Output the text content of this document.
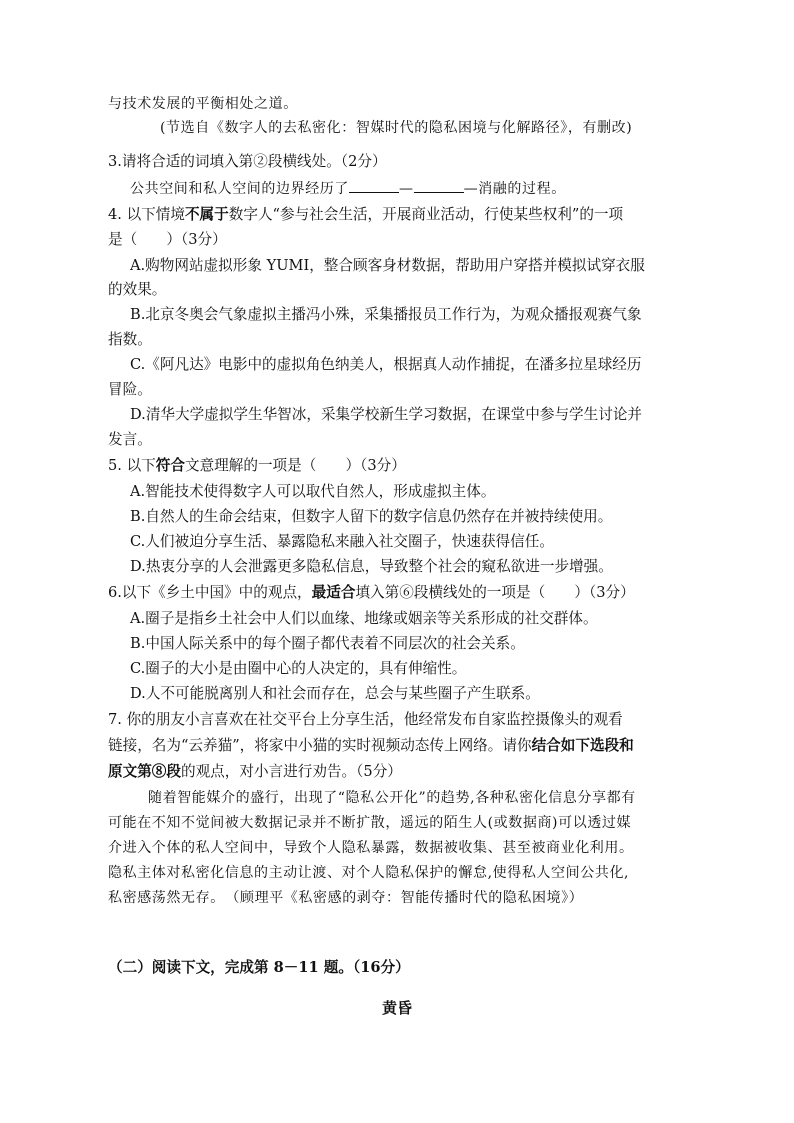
与技术发展的平衡相处之道。
(节选自《数字人的去私密化：智媒时代的隐私困境与化解路径》，有删改)
3.请将合适的词填入第②段横线处。（2分）
公共空间和私人空间的边界经历了	—	—消融的过程。
4. 以下情境不属于数字人“参与社会生活，开展商业活动，行使某些权利”的一项
是（　　）（3分）
A.购物网站虚拟形象 YUMI，整合顾客身材数据，帮助用户穿搭并模拟试穿衣服
的效果。
B.北京冬奥会气象虚拟主播冯小殊，采集播报员工作行为，为观众播报观赛气象
指数。
C.《阿凡达》电影中的虚拟角色纳美人，根据真人动作捕捉，在潘多拉星球经历
冒险。
D.清华大学虚拟学生华智冰，采集学校新生学习数据，在课堂中参与学生讨论并
发言。
5. 以下符合文意理解的一项是（　　）（3分）
A.智能技术使得数字人可以取代自然人，形成虚拟主体。
B.自然人的生命会结束，但数字人留下的数字信息仍然存在并被持续使用。
C.人们被迫分享生活、暴露隐私来融入社交圈子，快速获得信任。
D.热衷分享的人会泄露更多隐私信息，导致整个社会的窥私欲进一步增强。
6.以下《乡土中国》中的观点，最适合填入第⑥段横线处的一项是（　　）（3分）
A.圈子是指乡土社会中人们以血缘、地缘或姻亲等关系形成的社交群体。
B.中国人际关系中的每个圈子都代表着不同层次的社会关系。
C.圈子的大小是由圈中心的人决定的，具有伸缩性。
D.人不可能脱离别人和社会而存在，总会与某些圈子产生联系。
7. 你的朋友小言喜欢在社交平台上分享生活，他经常发布自家监控摄像头的观看
链接，名为“云养猫”，将家中小猫的实时视频动态传上网络。请你结合如下选段和
原文第⑧段的观点，对小言进行劝告。（5分）
随着智能媒介的盛行，出现了“隐私公开化”的趋势,各种私密化信息分享都有
可能在不知不觉间被大数据记录并不断扩散，遥远的陌生人(或数据商)可以透过媒
介进入个体的私人空间中，导致个人隐私暴露，数据被收集、甚至被商业化利用。
隐私主体对私密化信息的主动让渡、对个人隐私保护的懈怠,使得私人空间公共化,
私密感荡然无存。　（顾理平《私密感的剥夺：智能传播时代的隐私困境》）
（二）阅读下文，完成第 8－11 题。（16分）
黄昏
